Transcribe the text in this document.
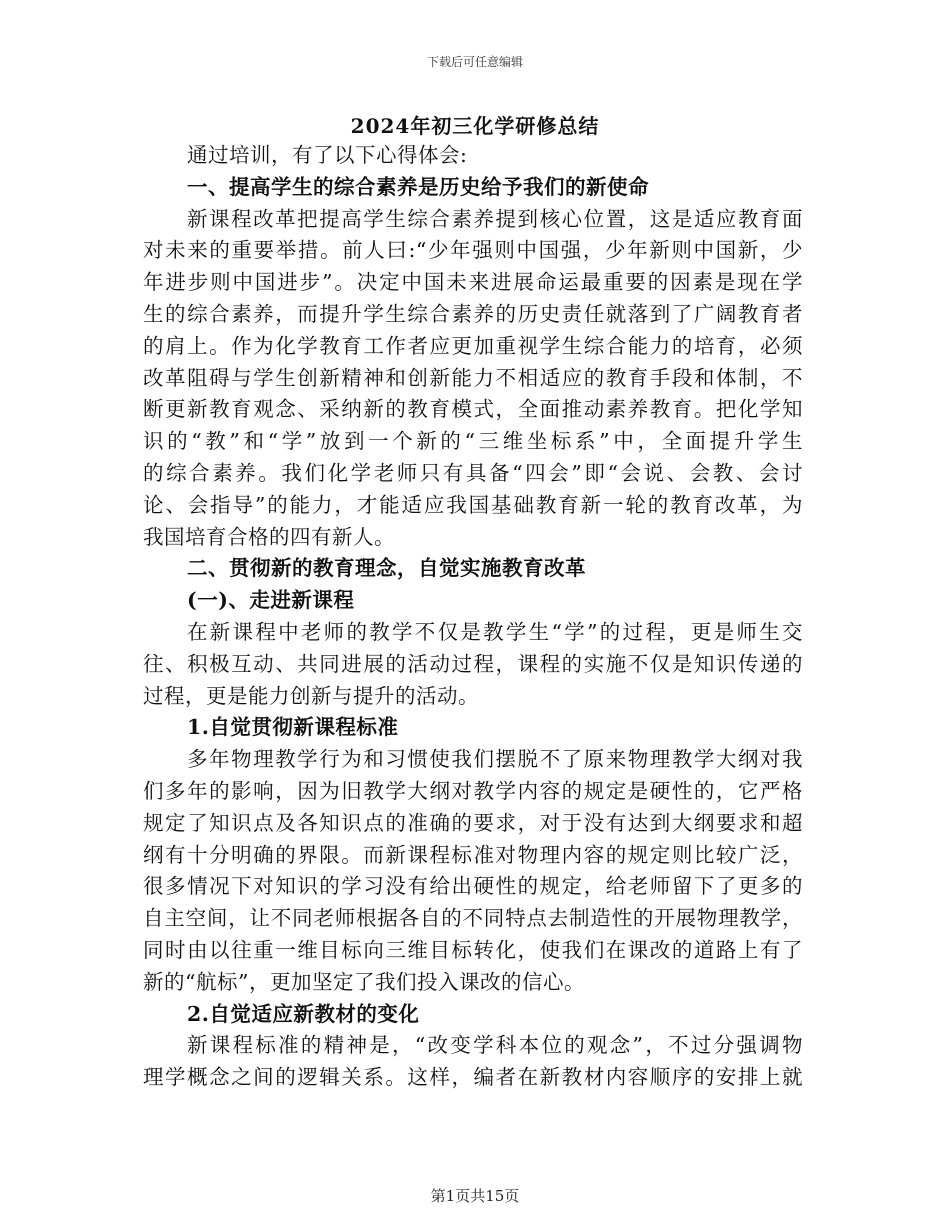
下载后可任意编辑
2024年初三化学研修总结
通过培训，有了以下心得体会:
一、提高学生的综合素养是历史给予我们的新使命
新课程改革把提高学生综合素养提到核心位置，这是适应教育面
对未来的重要举措。前人曰:“少年强则中国强，少年新则中国新，少
年进步则中国进步”。决定中国未来进展命运最重要的因素是现在学
生的综合素养，而提升学生综合素养的历史责任就落到了广阔教育者
的肩上。作为化学教育工作者应更加重视学生综合能力的培育，必须
改革阻碍与学生创新精神和创新能力不相适应的教育手段和体制，不
断更新教育观念、采纳新的教育模式，全面推动素养教育。把化学知
识的“教”和“学”放到一个新的“三维坐标系”中，全面提升学生
的综合素养。我们化学老师只有具备“四会”即“会说、会教、会讨
论、会指导”的能力，才能适应我国基础教育新一轮的教育改革，为
我国培育合格的四有新人。
二、贯彻新的教育理念，自觉实施教育改革
(一)、走进新课程
在新课程中老师的教学不仅是教学生“学”的过程，更是师生交
往、积极互动、共同进展的活动过程，课程的实施不仅是知识传递的
过程，更是能力创新与提升的活动。
1.自觉贯彻新课程标准
多年物理教学行为和习惯使我们摆脱不了原来物理教学大纲对我
们多年的影响，因为旧教学大纲对教学内容的规定是硬性的，它严格
规定了知识点及各知识点的准确的要求，对于没有达到大纲要求和超
纲有十分明确的界限。而新课程标准对物理内容的规定则比较广泛，
很多情况下对知识的学习没有给出硬性的规定，给老师留下了更多的
自主空间，让不同老师根据各自的不同特点去制造性的开展物理教学，
同时由以往重一维目标向三维目标转化，使我们在课改的道路上有了
新的“航标”，更加坚定了我们投入课改的信心。
2.自觉适应新教材的变化
新课程标准的精神是，“改变学科本位的观念”，不过分强调物
理学概念之间的逻辑关系。这样，编者在新教材内容顺序的安排上就
第1页共15页
